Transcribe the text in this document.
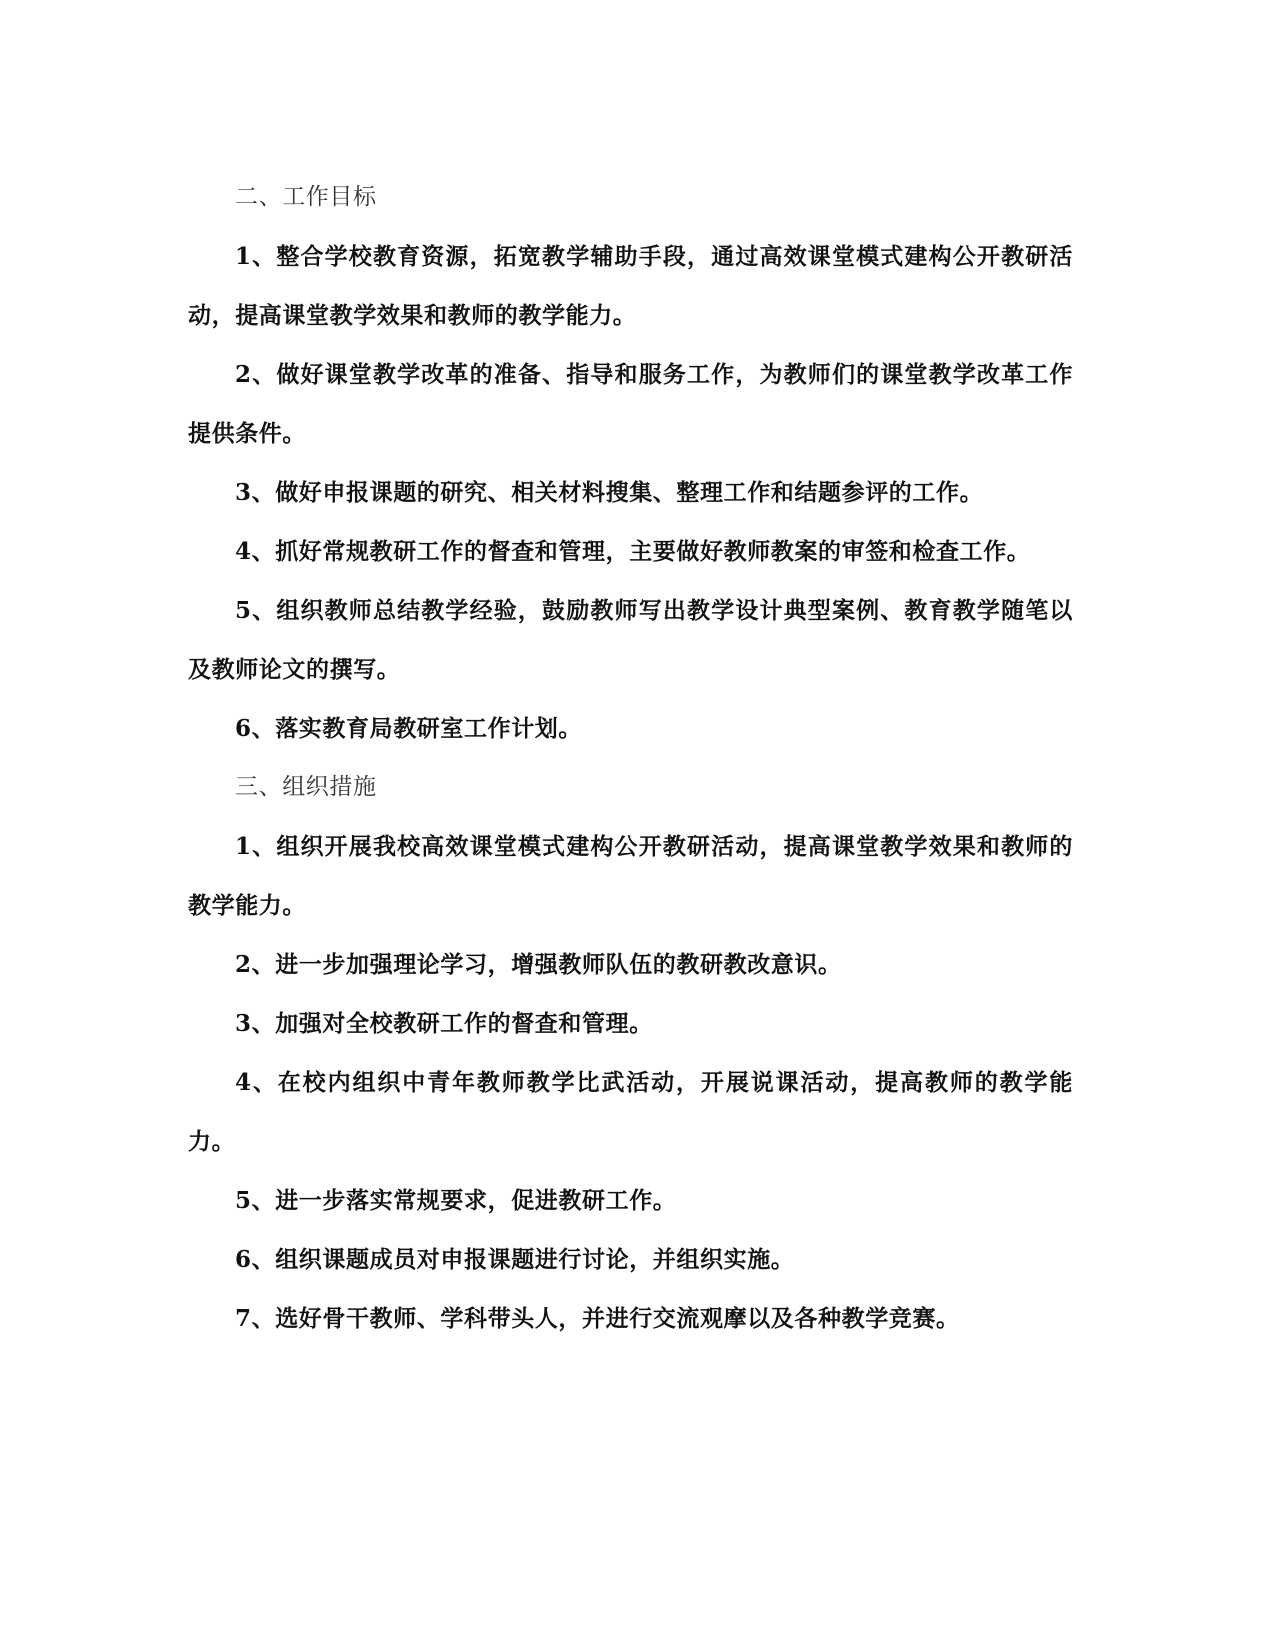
二、工作目标

1、整合学校教育资源，拓宽教学辅助手段，通过高效课堂模式建构公开教研活动，提高课堂教学效果和教师的教学能力。

2、做好课堂教学改革的准备、指导和服务工作，为教师们的课堂教学改革工作提供条件。

3、做好申报课题的研究、相关材料搜集、整理工作和结题参评的工作。

4、抓好常规教研工作的督查和管理，主要做好教师教案的审签和检查工作。

5、组织教师总结教学经验，鼓励教师写出教学设计典型案例、教育教学随笔以及教师论文的撰写。

6、落实教育局教研室工作计划。

三、组织措施

1、组织开展我校高效课堂模式建构公开教研活动，提高课堂教学效果和教师的教学能力。

2、进一步加强理论学习，增强教师队伍的教研教改意识。

3、加强对全校教研工作的督查和管理。

4、在校内组织中青年教师教学比武活动，开展说课活动，提高教师的教学能力。

5、进一步落实常规要求，促进教研工作。

6、组织课题成员对申报课题进行讨论，并组织实施。

7、选好骨干教师、学科带头人，并进行交流观摩以及各种教学竞赛。
